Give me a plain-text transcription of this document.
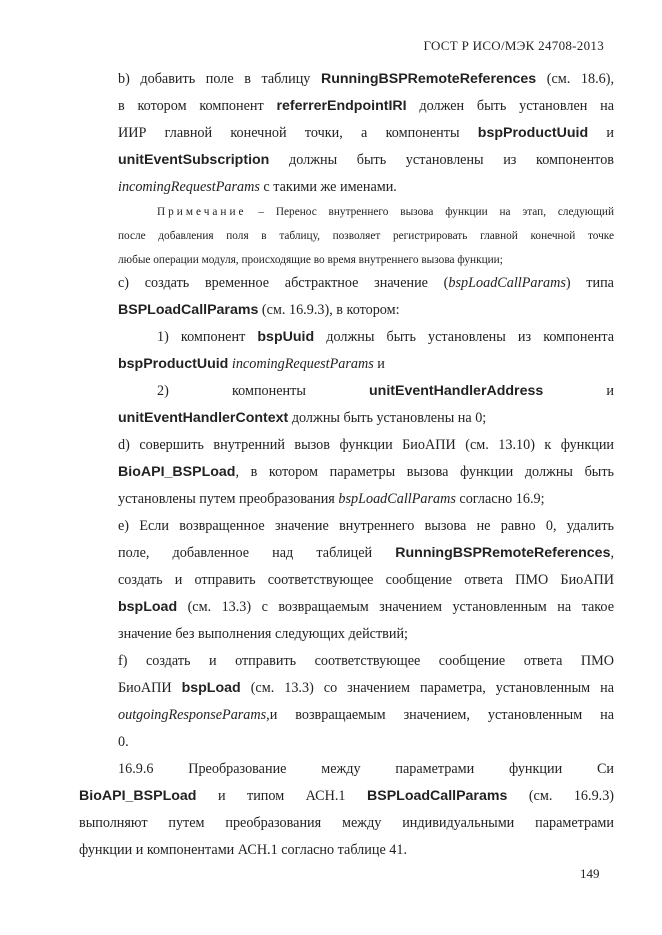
ГОСТ Р ИСО/МЭК 24708-2013
b) добавить поле в таблицу RunningBSPRemoteReferences (см. 18.6),
в котором компонент referrerEndpointIRI должен быть установлен на
ИИР главной конечной точки, а компоненты bspProductUuid и
unitEventSubscription должны быть установлены из компонентов
incomingRequestParams с такими же именами.
Примечание – Перенос внутреннего вызова функции на этап, следующий
после добавления поля в таблицу, позволяет регистрировать главной конечной точке
любые операции модуля, происходящие во время внутреннего вызова функции;
c) создать временное абстрактное значение (bspLoadCallParams) типа
BSPLoadCallParams (см. 16.9.3), в котором:
1) компонент bspUuid должны быть установлены из компонента
bspProductUuid incomingRequestParams и
2)	компоненты	unitEventHandlerAddress	и
unitEventHandlerContext должны быть установлены на 0;
d) совершить внутренний вызов функции БиоАПИ (см. 13.10) к функции
BioAPI_BSPLoad, в котором параметры вызова функции должны быть
установлены путем преобразования bspLoadCallParams согласно 16.9;
e) Если возвращенное значение внутреннего вызова не равно 0, удалить
поле, добавленное над таблицей RunningBSPRemoteReferences,
создать и отправить соответствующее сообщение ответа ПМО БиоАПИ
bspLoad (см. 13.3) с возвращаемым значением установленным на такое
значение без выполнения следующих действий;
f) создать и отправить соответствующее сообщение ответа ПМО
БиоАПИ bspLoad (см. 13.3) со значением параметра, установленным на
outgoingResponseParams,и возвращаемым значением, установленным на
0.
16.9.6 Преобразование между параметрами функции Си
BioAPI_BSPLoad и типом АСН.1 BSPLoadCallParams (см. 16.9.3)
выполняют путем преобразования между индивидуальными параметрами
функции и компонентами АСН.1 согласно таблице 41.
149
